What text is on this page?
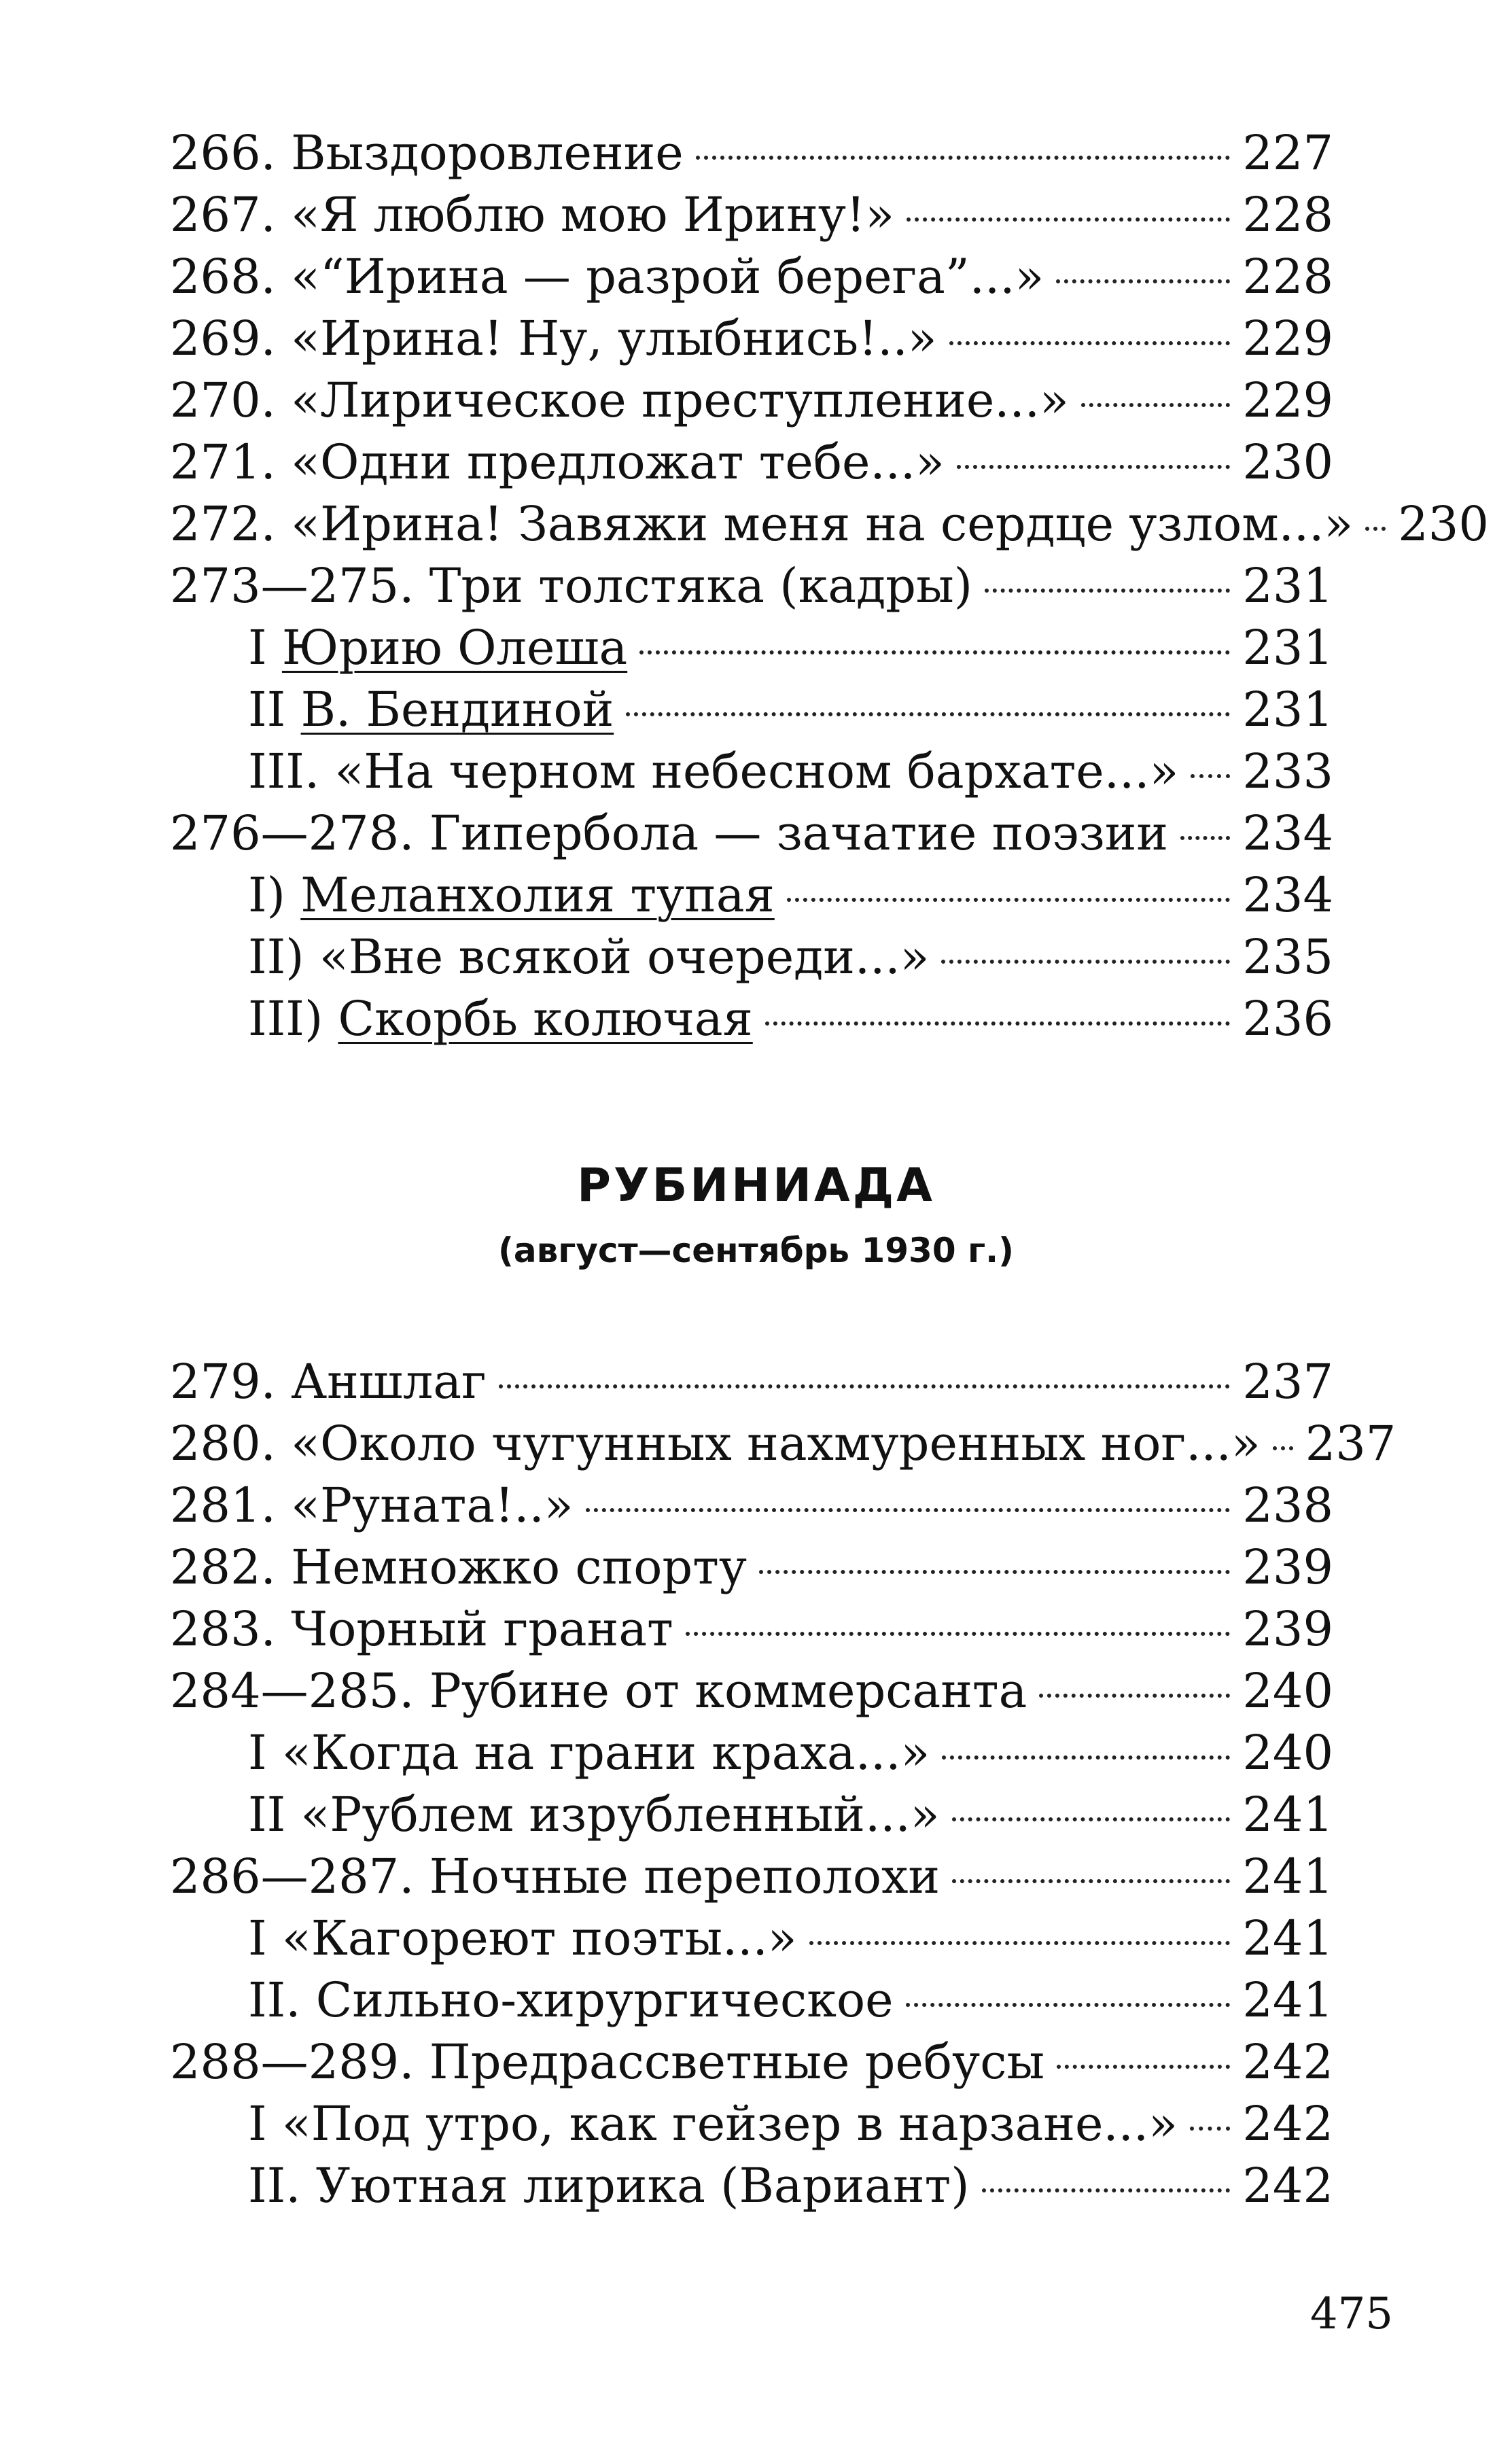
266. Выздоровление	227
267. «Я люблю мою Ирину!»	228
268. «“Ирина — разрой берега”...»	228
269. «Ирина! Ну, улыбнись!..»	229
270. «Лирическое преступление...»	229
271. «Одни предложат тебе...»	230
272. «Ирина! Завяжи меня на сердце узлом...» 230
273—275. Три толстяка (кадры)	231
I Юрию Олеша	231
II В. Бендиной	231
III. «На черном небесном бархате...» 233
276—278. Гипербола — зачатие поэзии 234
I) Меланхолия тупая	234
II) «Вне всякой очереди...»	235
III) Скорбь колючая	236
РУБИНИАДА
(август—сентябрь 1930 г.)
279. Аншлаг	237
280. «Около чугунных нахмуренных ног...» 237
281. «Руната!..»	238
282. Немножко спорту	239
283. Чорный гранат	239
284—285. Рубине от коммерсанта	240
I «Когда на грани краха...»	240
II «Рублем изрубленный...»	241
286—287. Ночные переполохи	241
I «Кагореют поэты...»	241
II. Сильно-хирургическое	241
288—289. Предрассветные ребусы	242
I «Под утро, как гейзер в нарзане...» 242
II. Уютная лирика (Вариант)	242
475
